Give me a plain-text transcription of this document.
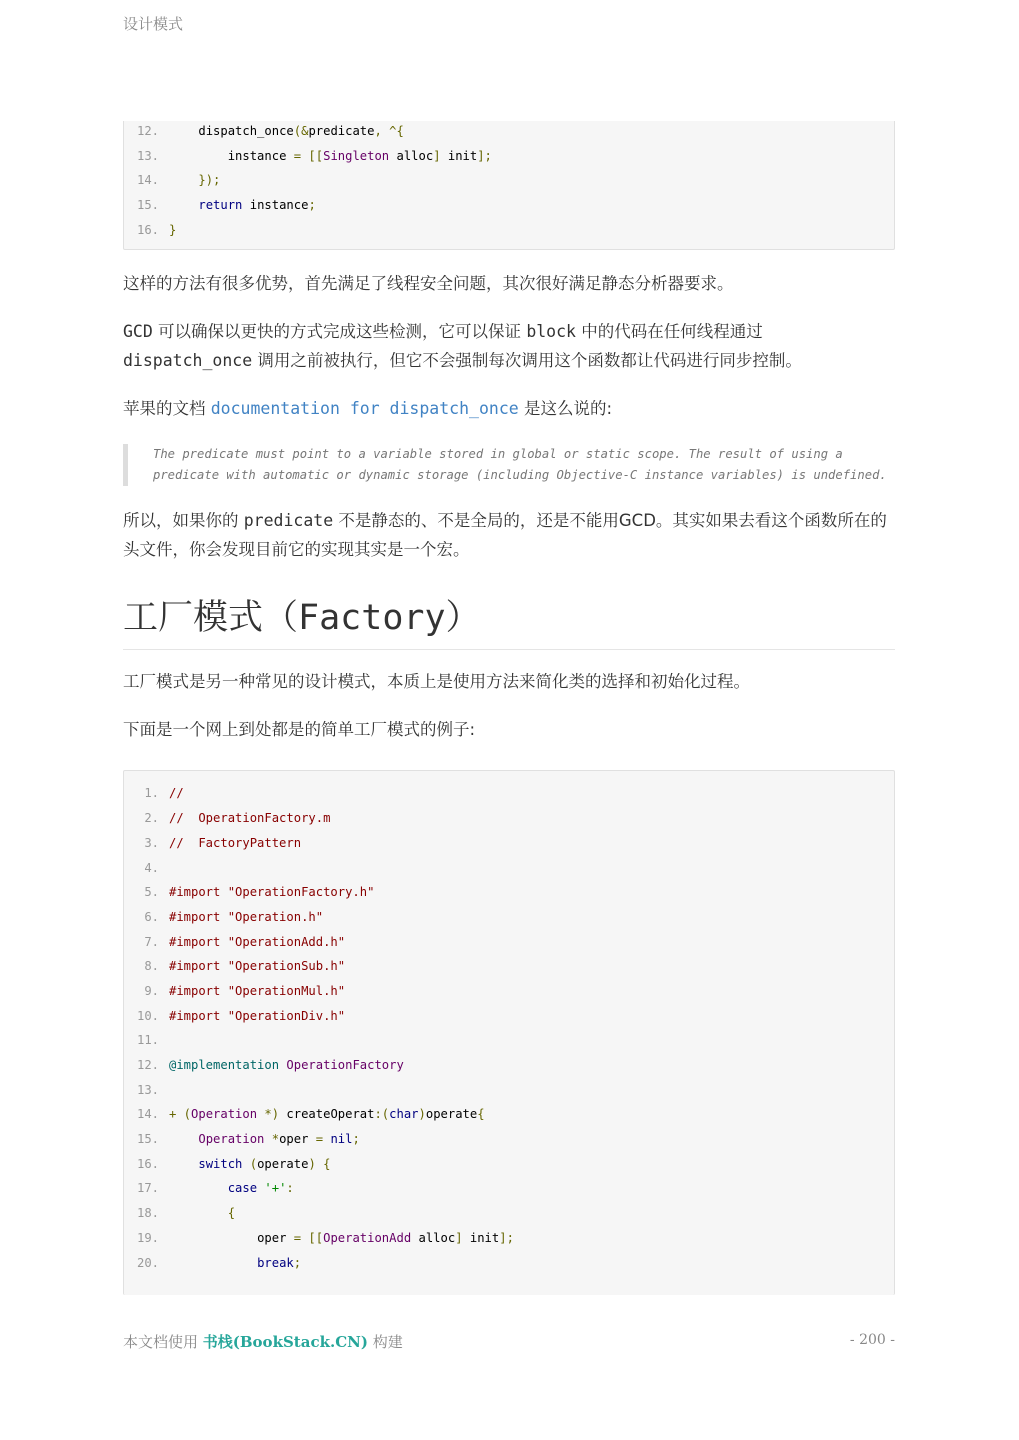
设计模式
12.	dispatch_once(&predicate, ^{
13.	instance = [[Singleton alloc] init];
14.	});
15.	return instance;
16. }

这样的方法有很多优势，首先满足了线程安全问题，其次很好满足静态分析器要求。

GCD 可以确保以更快的方式完成这些检测，它可以保证 block 中的代码在任何线程通过
dispatch_once 调用之前被执行，但它不会强制每次调用这个函数都让代码进行同步控制。

苹果的文档 documentation for dispatch_once 是这么说的:

The predicate must point to a variable stored in global or static scope. The result of using a predicate with automatic or dynamic storage (including Objective-C instance variables) is undefined.

所以，如果你的 predicate 不是静态的、不是全局的，还是不能用GCD。其实如果去看这个函数所在的头文件，你会发现目前它的实现其实是一个宏。

工厂模式（Factory）

工厂模式是另一种常见的设计模式，本质上是使用方法来简化类的选择和初始化过程。

下面是一个网上到处都是的简单工厂模式的例子:

1. //
2. //  OperationFactory.m
3. //  FactoryPattern
4.
5. #import "OperationFactory.h"
6. #import "Operation.h"
7. #import "OperationAdd.h"
8. #import "OperationSub.h"
9. #import "OperationMul.h"
10. #import "OperationDiv.h"
11.
12. @implementation OperationFactory
13.
14. + (Operation *) createOperat:(char)operate{
15.	Operation *oper = nil;
16.	switch (operate) {
17.	case '+':
18.	{
19.	oper = [[OperationAdd alloc] init];
20.	break;
本文档使用 书栈(BookStack.CN) 构建	- 200 -
